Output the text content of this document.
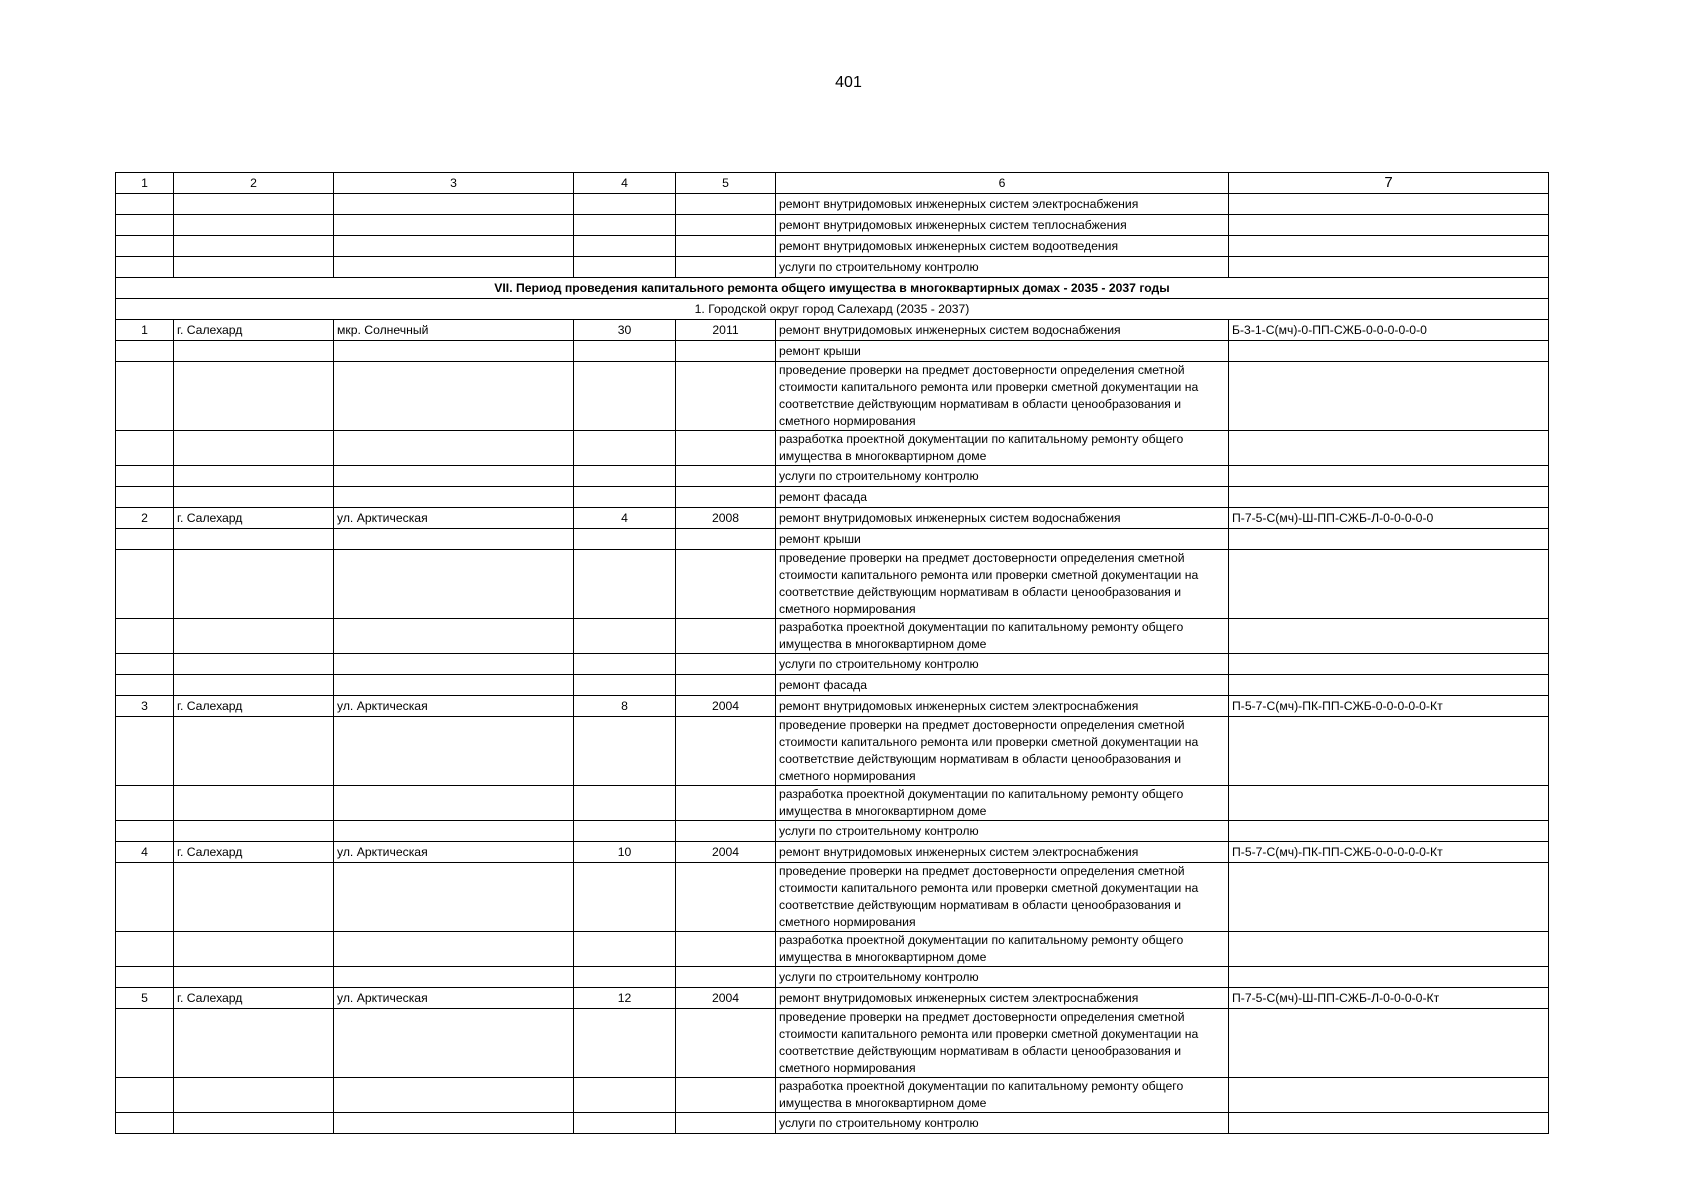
401
1	2	3	4	5	6	7
					ремонт внутридомовых инженерных систем электроснабжения	
					ремонт внутридомовых инженерных систем теплоснабжения	
					ремонт внутридомовых инженерных систем водоотведения	
					услуги по строительному контролю	
VII. Период проведения капитального ремонта общего имущества в многоквартирных домах - 2035 - 2037 годы						
1. Городской округ город Салехард (2035 - 2037)						
1	г. Салехард	мкр. Солнечный	30	2011	ремонт внутридомовых инженерных систем водоснабжения	Б-3-1-С(мч)-0-ПП-СЖБ-0-0-0-0-0-0
					ремонт крыши	
					проведение проверки на предмет достоверности определения сметной стоимости капитального ремонта или проверки сметной документации на соответствие действующим нормативам в области ценообразования и сметного нормирования	
					разработка проектной документации по капитальному ремонту общего имущества в многоквартирном доме	
					услуги по строительному контролю	
					ремонт фасада	
2	г. Салехард	ул. Арктическая	4	2008	ремонт внутридомовых инженерных систем водоснабжения	П-7-5-С(мч)-Ш-ПП-СЖБ-Л-0-0-0-0-0
					ремонт крыши	
					проведение проверки на предмет достоверности определения сметной стоимости капитального ремонта или проверки сметной документации на соответствие действующим нормативам в области ценообразования и сметного нормирования	
					разработка проектной документации по капитальному ремонту общего имущества в многоквартирном доме	
					услуги по строительному контролю	
					ремонт фасада	
3	г. Салехард	ул. Арктическая	8	2004	ремонт внутридомовых инженерных систем электроснабжения	П-5-7-С(мч)-ПК-ПП-СЖБ-0-0-0-0-0-Кт
					проведение проверки на предмет достоверности определения сметной стоимости капитального ремонта или проверки сметной документации на соответствие действующим нормативам в области ценообразования и сметного нормирования	
					разработка проектной документации по капитальному ремонту общего имущества в многоквартирном доме	
					услуги по строительному контролю	
4	г. Салехард	ул. Арктическая	10	2004	ремонт внутридомовых инженерных систем электроснабжения	П-5-7-С(мч)-ПК-ПП-СЖБ-0-0-0-0-0-Кт
					проведение проверки на предмет достоверности определения сметной стоимости капитального ремонта или проверки сметной документации на соответствие действующим нормативам в области ценообразования и сметного нормирования	
					разработка проектной документации по капитальному ремонту общего имущества в многоквартирном доме	
					услуги по строительному контролю	
5	г. Салехард	ул. Арктическая	12	2004	ремонт внутридомовых инженерных систем электроснабжения	П-7-5-С(мч)-Ш-ПП-СЖБ-Л-0-0-0-0-Кт
					проведение проверки на предмет достоверности определения сметной стоимости капитального ремонта или проверки сметной документации на соответствие действующим нормативам в области ценообразования и сметного нормирования	
					разработка проектной документации по капитальному ремонту общего имущества в многоквартирном доме	
					услуги по строительному контролю	
